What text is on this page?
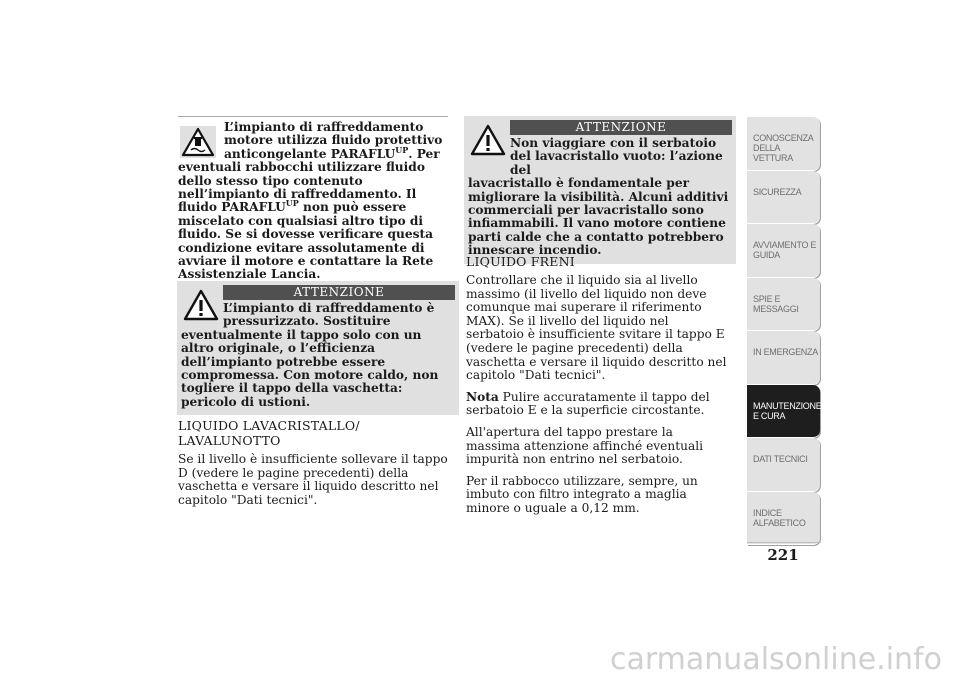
L’impianto di raffreddamento motore utilizza fluido protettivo anticongelante $PARAFLU^{UP}$. Per
eventuali rabbocchi utilizzare fluido dello stesso tipo contenuto nell’impianto di raffreddamento. Il fluido $PARAFLU^{UP}$ non può essere miscelato con qualsiasi altro tipo di fluido. Se si dovesse verificare questa condizione evitare assolutamente di avviare il motore e contattare la Rete Assistenziale Lancia.
ATTENZIONE
L’impianto di raffreddamento è pressurizzato. Sostituire
eventualmente il tappo solo con un altro originale, o l’efficienza dell’impianto potrebbe essere compromessa. Con motore caldo, non togliere il tappo della vaschetta: pericolo di ustioni.
LIQUIDO LAVACRISTALLO/ LAVALUNOTTO
Se il livello è insufficiente sollevare il tappo D (vedere le pagine precedenti) della vaschetta e versare il liquido descritto nel capitolo "Dati tecnici".
ATTENZIONE
Non viaggiare con il serbatoio del lavacristallo vuoto: l’azione del
lavacristallo è fondamentale per migliorare la visibilità. Alcuni additivi commerciali per lavacristallo sono infiammabili. Il vano motore contiene parti calde che a contatto potrebbero innescare incendio.
LIQUIDO FRENI

Controllare che il liquido sia al livello massimo (il livello del liquido non deve comunque mai superare il riferimento MAX). Se il livello del liquido nel serbatoio è insufficiente svitare il tappo E (vedere le pagine precedenti) della vaschetta e versare il liquido descritto nel capitolo "Dati tecnici".

Nota Pulire accuratamente il tappo del serbatoio E e la superficie circostante.

All'apertura del tappo prestare la massima attenzione affinché eventuali impurità non entrino nel serbatoio.

Per il rabbocco utilizzare, sempre, un imbuto con filtro integrato a maglia minore o uguale a 0,12 mm.

CONOSCENZA DELLA VETTURA
SICUREZZA
AVVIAMENTO E GUIDA
SPIE E MESSAGGI
IN EMERGENZA
MANUTENZIONE E CURA
DATI TECNICI
INDICE ALFABETICO
221
carmanualsonline.info
